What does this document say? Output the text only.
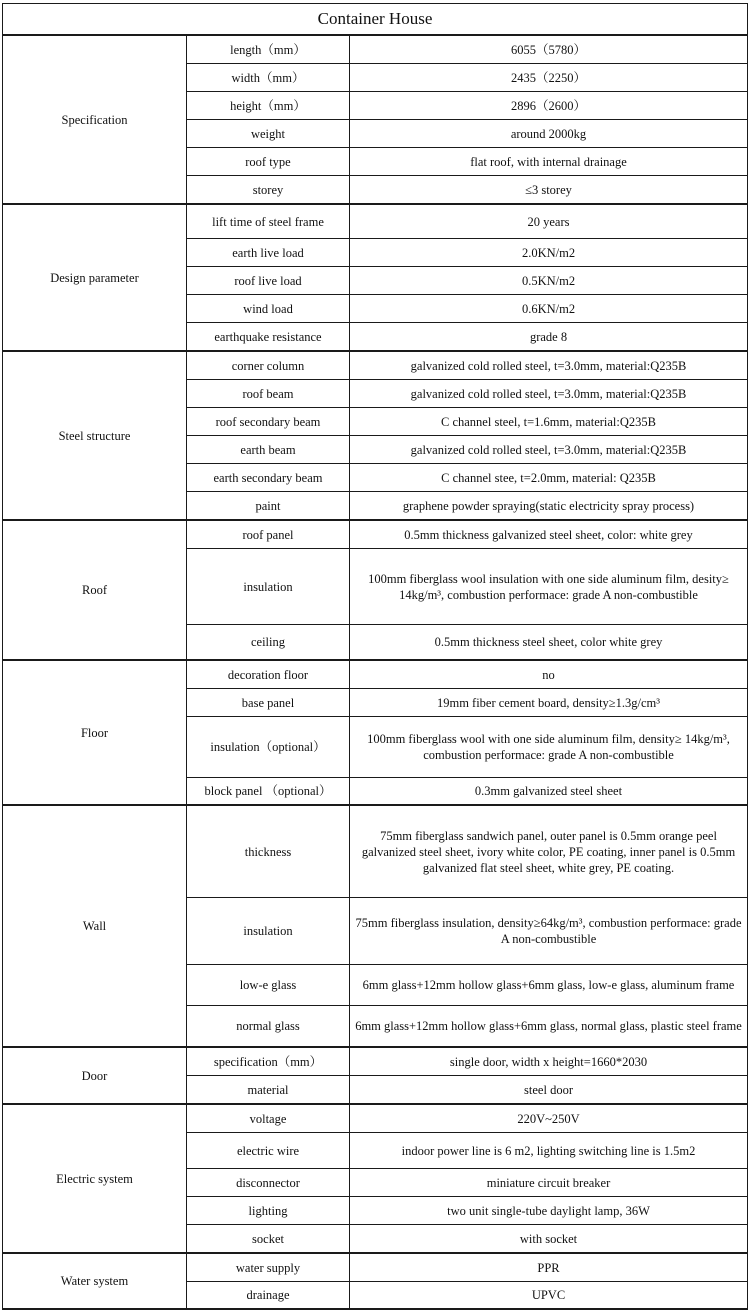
Container House		
Specification	length（mm）	6055（5780）
	width（mm）	2435（2250）
	height（mm）	2896（2600）
	weight	around 2000kg
	roof type	flat roof, with internal drainage
	storey	≤3 storey
Design parameter	lift time of steel frame	20 years
	earth live load	2.0KN/m2
	roof live load	0.5KN/m2
	wind load	0.6KN/m2
	earthquake resistance	grade 8
Steel structure	corner column	galvanized cold rolled steel, t=3.0mm, material:Q235B
	roof beam	galvanized cold rolled steel, t=3.0mm, material:Q235B
	roof secondary beam	C channel steel, t=1.6mm, material:Q235B
	earth beam	galvanized cold rolled steel, t=3.0mm, material:Q235B
	earth secondary beam	C channel stee, t=2.0mm, material: Q235B
	paint	graphene powder spraying(static electricity spray process)
Roof	roof panel	0.5mm thickness galvanized steel sheet, color: white grey
	insulation	100mm fiberglass wool insulation with one side aluminum film, desity≥ 14kg/m³, combustion performace: grade A non-combustible
	ceiling	0.5mm thickness steel sheet, color white grey
Floor	decoration floor	no
	base panel	19mm fiber cement board, density≥1.3g/cm³
	insulation（optional）	100mm fiberglass wool with one side aluminum film, density≥ 14kg/m³, combustion performace: grade A non-combustible
	block panel （optional）	0.3mm galvanized steel sheet
Wall	thickness	75mm fiberglass sandwich panel, outer panel is 0.5mm orange peel galvanized steel sheet, ivory white color, PE coating, inner panel is 0.5mm galvanized flat steel sheet, white grey, PE coating.
	insulation	75mm fiberglass insulation, density≥64kg/m³, combustion performace: grade A non-combustible
	low-e glass	6mm glass+12mm hollow glass+6mm glass, low-e glass, aluminum frame
	normal glass	6mm glass+12mm hollow glass+6mm glass, normal glass, plastic steel frame
Door	specification（mm）	single door, width x height=1660*2030
	material	steel door
Electric system	voltage	220V~250V
	electric wire	indoor power line is 6 m2, lighting switching line is 1.5m2
	disconnector	miniature circuit breaker
	lighting	two unit single-tube daylight lamp, 36W
	socket	with socket
Water system	water supply	PPR
	drainage	UPVC
